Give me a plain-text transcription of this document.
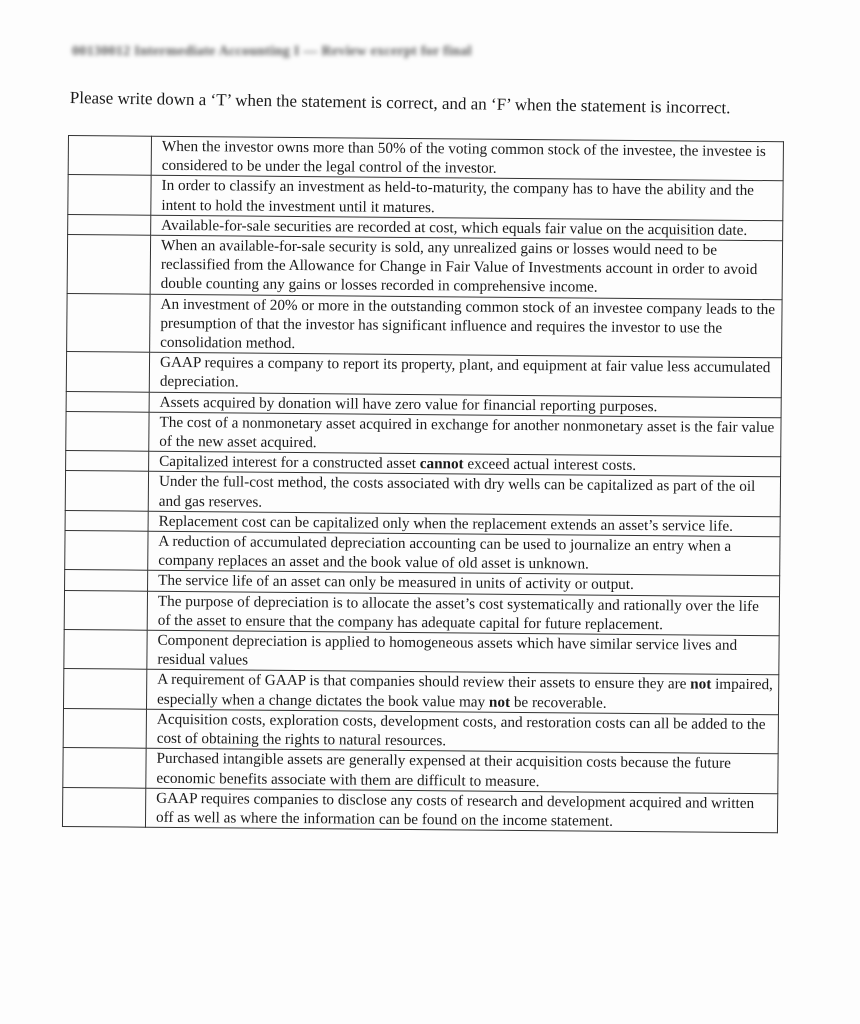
00130012 Intermediate Accounting I — Review excerpt for final
Please write down a ‘T’ when the statement is correct, and an ‘F’ when the statement is incorrect.
	When the investor owns more than 50% of the voting common stock of the investee, the investee is considered to be under the legal control of the investor.
	In order to classify an investment as held-to-maturity, the company has to have the ability and the intent to hold the investment until it matures.
	Available-for-sale securities are recorded at cost, which equals fair value on the acquisition date.
	When an available-for-sale security is sold, any unrealized gains or losses would need to be reclassified from the Allowance for Change in Fair Value of Investments account in order to avoid double counting any gains or losses recorded in comprehensive income.
	An investment of 20% or more in the outstanding common stock of an investee company leads to the presumption of that the investor has significant influence and requires the investor to use the consolidation method.
	GAAP requires a company to report its property, plant, and equipment at fair value less accumulated depreciation.
	Assets acquired by donation will have zero value for financial reporting purposes.
	The cost of a nonmonetary asset acquired in exchange for another nonmonetary asset is the fair value of the new asset acquired.
	Capitalized interest for a constructed asset cannot exceed actual interest costs.
	Under the full-cost method, the costs associated with dry wells can be capitalized as part of the oil and gas reserves.
	Replacement cost can be capitalized only when the replacement extends an asset’s service life.
	A reduction of accumulated depreciation accounting can be used to journalize an entry when a company replaces an asset and the book value of old asset is unknown.
	The service life of an asset can only be measured in units of activity or output.
	The purpose of depreciation is to allocate the asset’s cost systematically and rationally over the life of the asset to ensure that the company has adequate capital for future replacement.
	Component depreciation is applied to homogeneous assets which have similar service lives and residual values
	A requirement of GAAP is that companies should review their assets to ensure they are not impaired, especially when a change dictates the book value may not be recoverable.
	Acquisition costs, exploration costs, development costs, and restoration costs can all be added to the cost of obtaining the rights to natural resources.
	Purchased intangible assets are generally expensed at their acquisition costs because the future economic benefits associate with them are difficult to measure.
	GAAP requires companies to disclose any costs of research and development acquired and written off as well as where the information can be found on the income statement.
